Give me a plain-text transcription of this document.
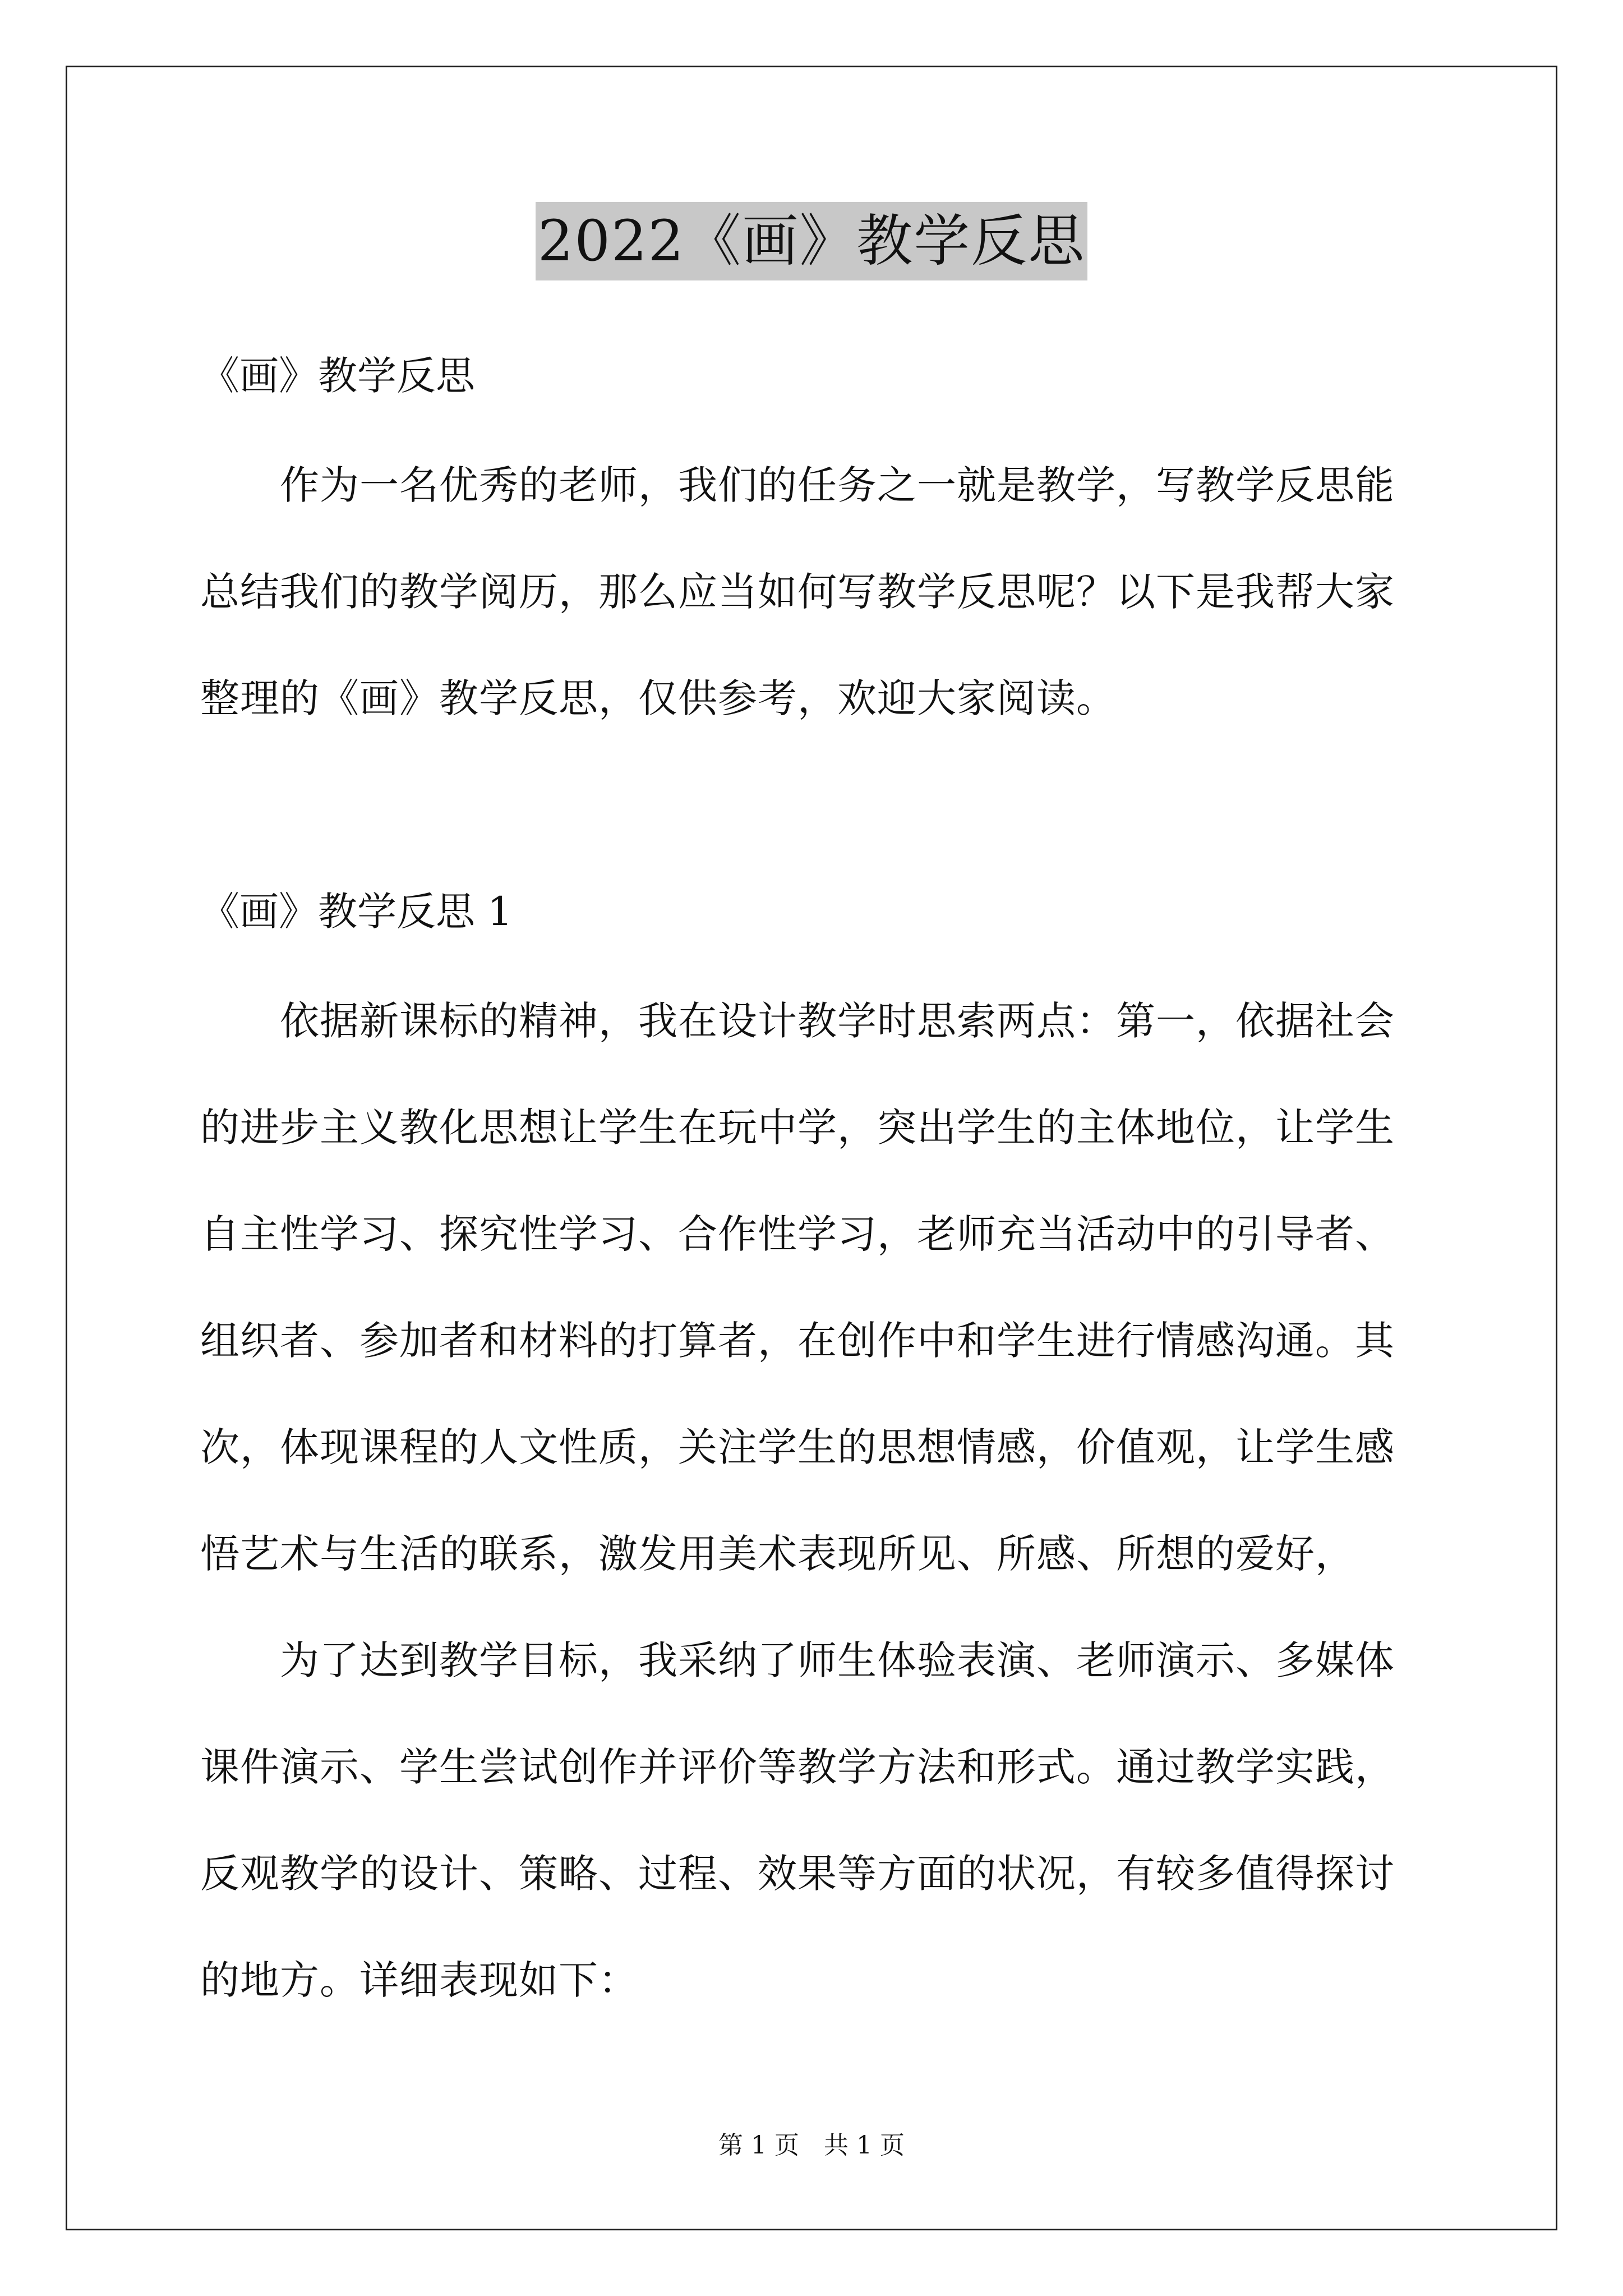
2022《画》教学反思
《画》教学反思
　　作为一名优秀的老师，我们的任务之一就是教学，写教学反思能
总结我们的教学阅历，那么应当如何写教学反思呢？以下是我帮大家
整理的《画》教学反思，仅供参考，欢迎大家阅读。
《画》教学反思 1
　　依据新课标的精神，我在设计教学时思索两点：第一，依据社会
的进步主义教化思想让学生在玩中学，突出学生的主体地位，让学生
自主性学习、探究性学习、合作性学习，老师充当活动中的引导者、
组织者、参加者和材料的打算者，在创作中和学生进行情感沟通。其
次，体现课程的人文性质，关注学生的思想情感，价值观，让学生感
悟艺术与生活的联系，激发用美术表现所见、所感、所想的爱好，
　　为了达到教学目标，我采纳了师生体验表演、老师演示、多媒体
课件演示、学生尝试创作并评价等教学方法和形式。通过教学实践，
反观教学的设计、策略、过程、效果等方面的状况，有较多值得探讨
的地方。详细表现如下：
第 1 页　共 1 页
